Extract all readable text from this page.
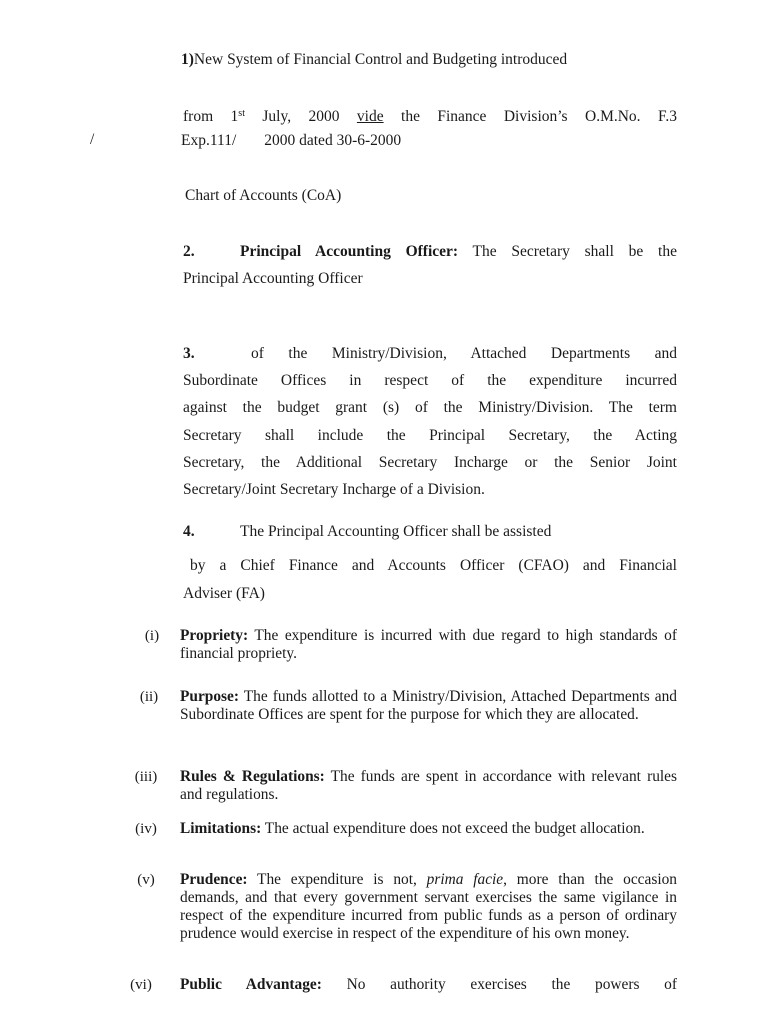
1)New System of Financial Control and Budgeting introduced
from 1st July, 2000 vide the Finance Division’s O.M.No. F.3
Exp.111/ 2000 dated 30-6-2000
/
Chart of Accounts (CoA)
2.	Principal Accounting Officer: The Secretary shall be the
Principal Accounting Officer
3.	of the Ministry/Division, Attached Departments and
Subordinate Offices in respect of the expenditure incurred
against the budget grant (s) of the Ministry/Division. The term
Secretary shall include the Principal Secretary, the Acting
Secretary, the Additional Secretary Incharge or the Senior Joint
Secretary/Joint Secretary Incharge of a Division.
4.	The Principal Accounting Officer shall be assisted
by a Chief Finance and Accounts Officer (CFAO) and Financial
Adviser (FA)
(i)	Propriety: The expenditure is incurred with due regard to high standards of financial propriety.
(ii)	Purpose: The funds allotted to a Ministry/Division, Attached Departments and Subordinate Offices are spent for the purpose for which they are allocated.
(iii)	Rules & Regulations: The funds are spent in accordance with relevant rules and regulations.
(iv)	Limitations: The actual expenditure does not exceed the budget allocation.
(v)	Prudence: The expenditure is not, prima facie, more than the occasion demands, and that every government servant exercises the same vigilance in respect of the expenditure incurred from public funds as a person of ordinary prudence would exercise in respect of the expenditure of his own money.
(vi)	Public Advantage: No authority exercises the powers of
